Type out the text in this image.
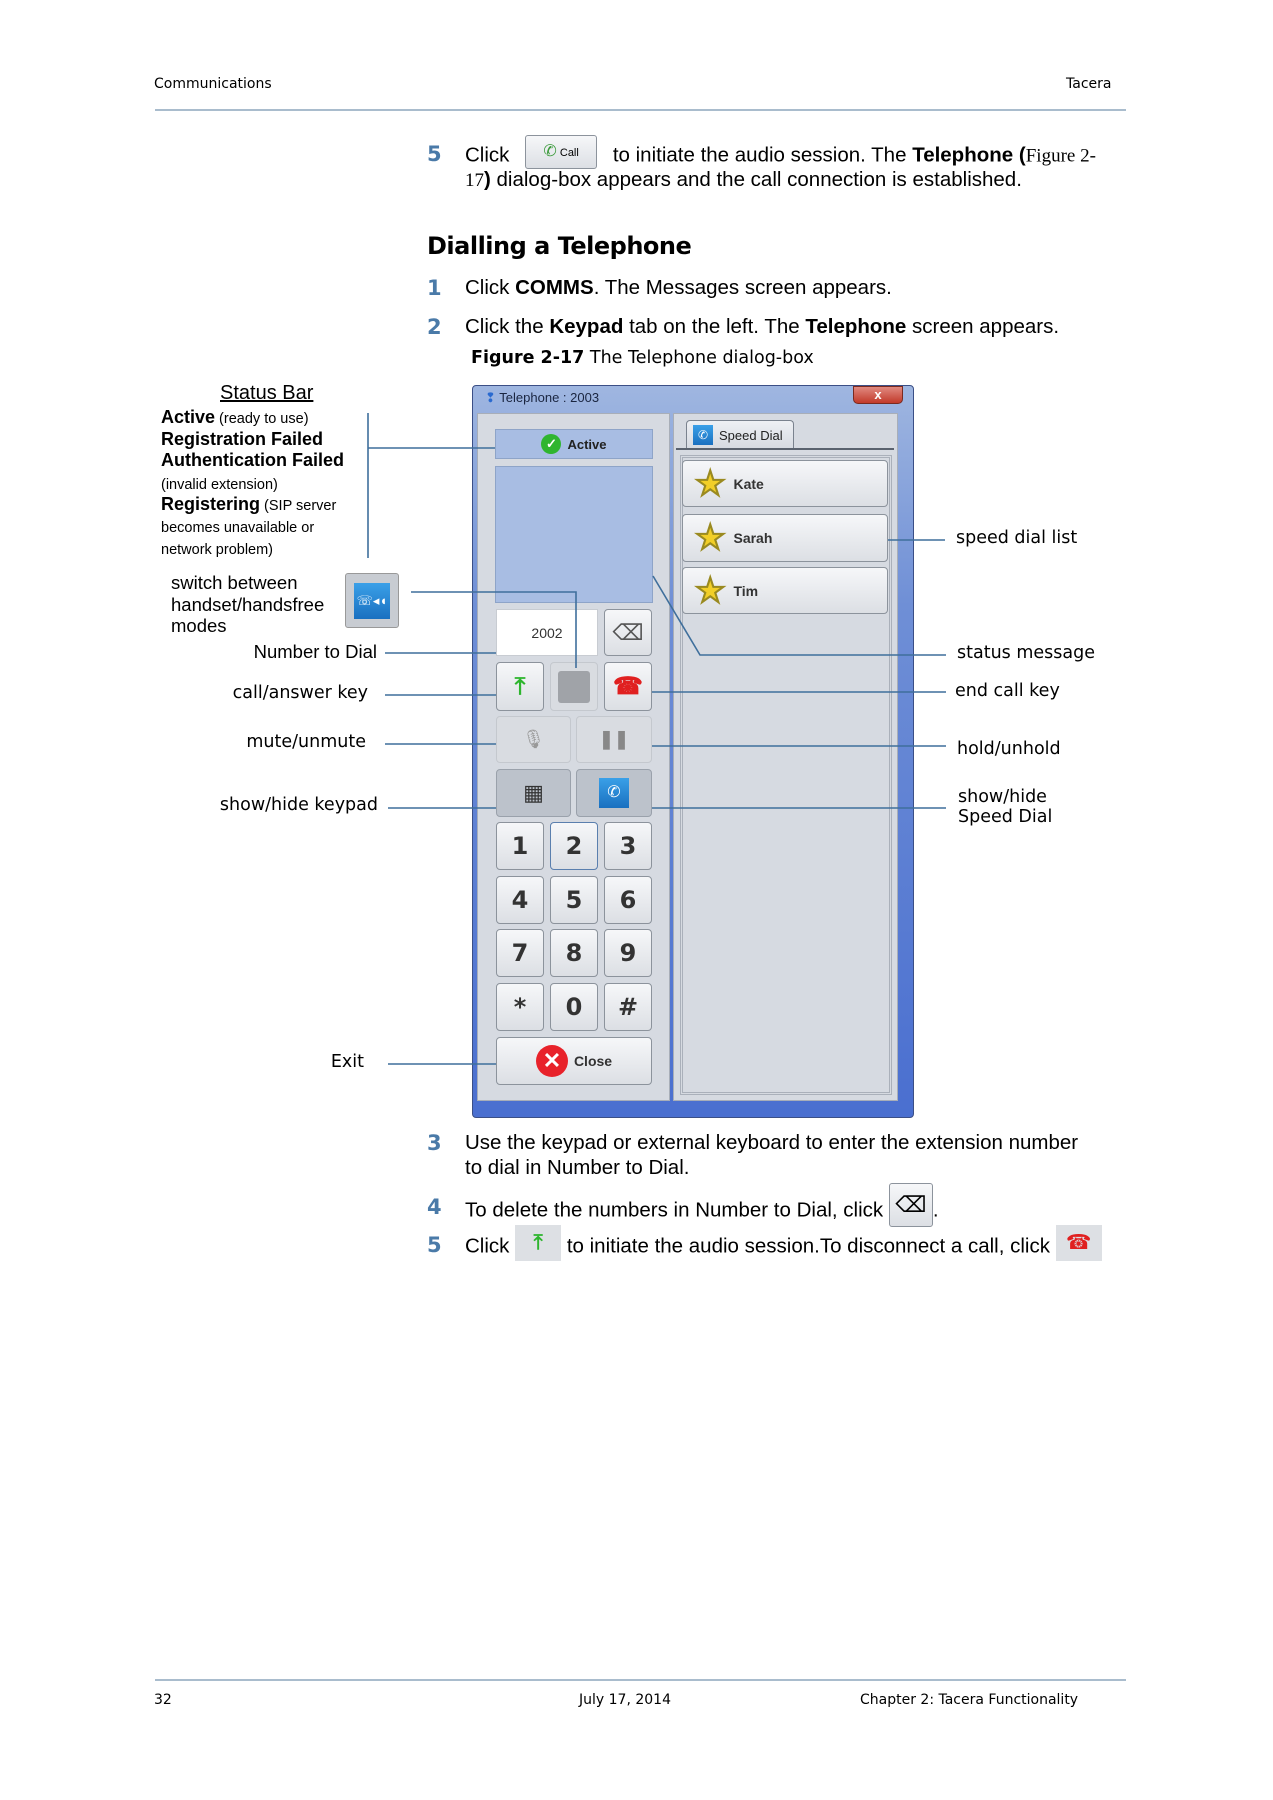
Communications	Tacera
5 Click ✆ Call to initiate the audio session. The Telephone (Figure 2-
17) dialog-box appears and the call connection is established.
Dialling a Telephone
1 Click COMMS. The Messages screen appears.
2 Click the Keypad tab on the left. The Telephone screen appears.
Figure 2-17 The Telephone dialog-box
❢ Telephone : 2003	x
✓ Active
2002	⌫
⤒	☎
🎙	❚❚
▦	✆
1	2	3
4	5	6
7	8	9
*	0	#
✕ Close
✆ Speed Dial
★ Kate
★ Sarah
★ Tim
Status Bar
Active (ready to use)
Registration Failed
Authentication Failed
(invalid extension)
Registering (SIP server
becomes unavailable or
network problem)
switch between
handset/handsfree
modes
☏◂◖
Number to Dial
call/answer key
mute/unmute
show/hide keypad
Exit
speed dial list
status message
end call key
hold/unhold
show/hide
Speed Dial
3 Use the keypad or external keyboard to enter the extension number
to dial in Number to Dial.
4 To delete the numbers in Number to Dial, click ⌫ .
5 Click ⤒ to initiate the audio session.To disconnect a call, click ☎
32	July 17, 2014	Chapter 2: Tacera Functionality
